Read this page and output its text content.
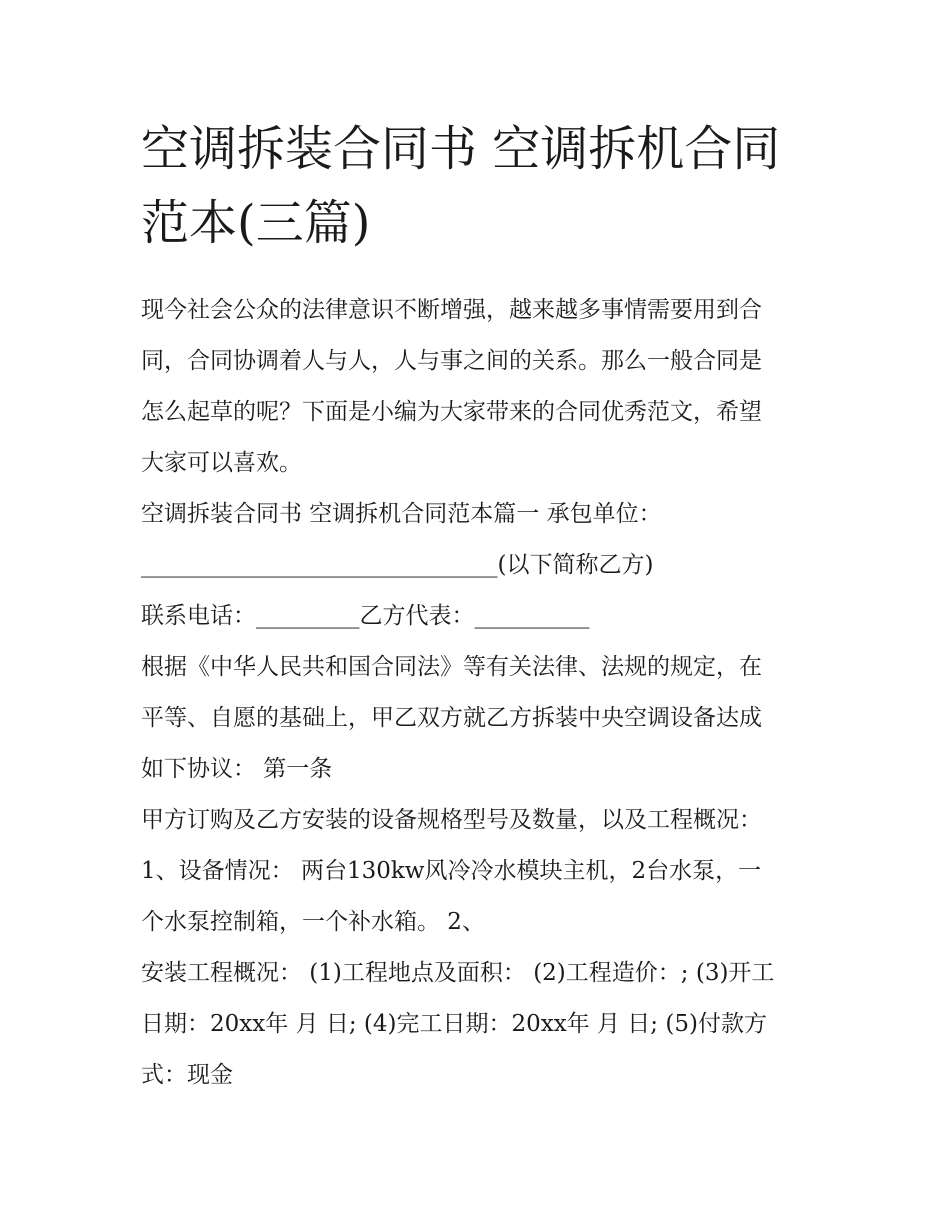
空调拆装合同书 空调拆机合同
范本(三篇)

现今社会公众的法律意识不断增强，越来越多事情需要用到合
同，合同协调着人与人，人与事之间的关系。那么一般合同是
怎么起草的呢？下面是小编为大家带来的合同优秀范文，希望
大家可以喜欢。

空调拆装合同书 空调拆机合同范本篇一 承包单位：

_______________________________(以下简称乙方)

联系电话：_________乙方代表：__________

根据《中华人民共和国合同法》等有关法律、法规的规定，在
平等、自愿的基础上，甲乙双方就乙方拆装中央空调设备达成
如下协议： 第一条

甲方订购及乙方安装的设备规格型号及数量，以及工程概况：

1、设备情况： 两台130kw风冷冷水模块主机，2台水泵，一
个水泵控制箱，一个补水箱。 2、

安装工程概况： (1)工程地点及面积： (2)工程造价：; (3)开工
日期：20xx年 月 日; (4)完工日期：20xx年 月 日; (5)付款方
式：现金
